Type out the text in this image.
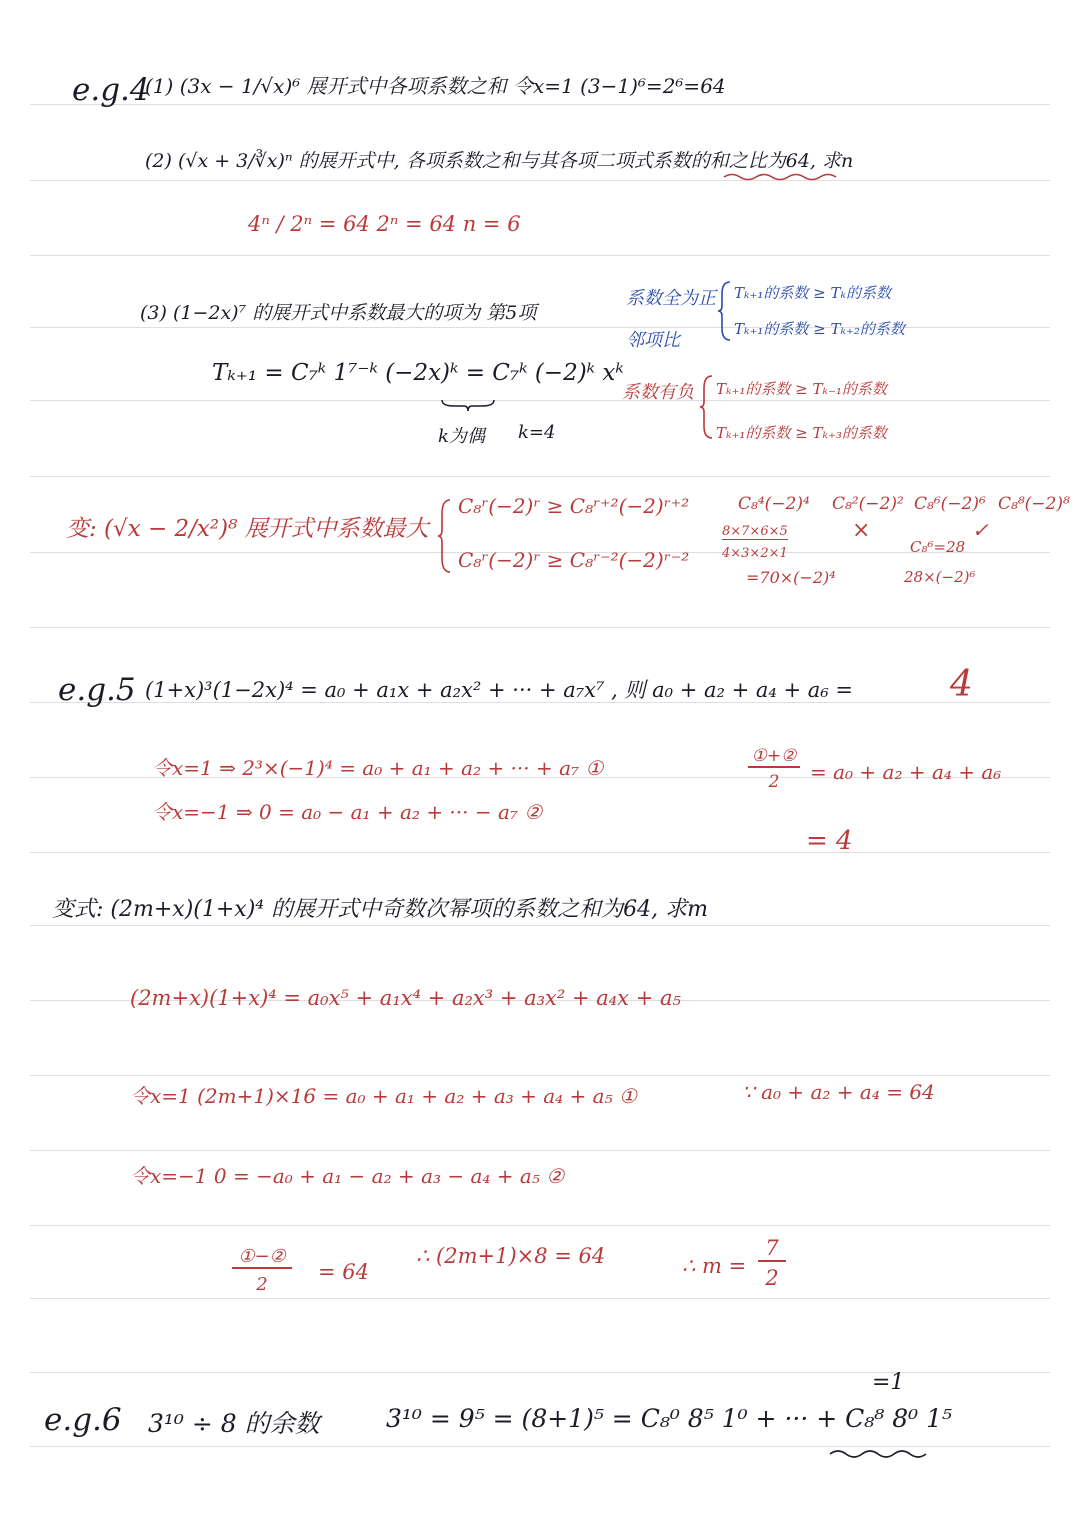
e.g.4
(1) (3x − 1/√x)⁶ 展开式中各项系数之和 令x=1 (3−1)⁶=2⁶=64
(2) (√x + 3/∛x)ⁿ 的展开式中, 各项系数之和与其各项二项式系数的和之比为64, 求n
4ⁿ / 2ⁿ = 64 2ⁿ = 64 n = 6
(3) (1−2x)⁷ 的展开式中系数最大的项为 第5项
Tₖ₊₁ = C₇ᵏ 1⁷⁻ᵏ (−2x)ᵏ = C₇ᵏ (−2)ᵏ xᵏ
k为偶 k=4
系数全为正
邻项比
Tₖ₊₁的系数 ≥ Tₖ的系数
Tₖ₊₁的系数 ≥ Tₖ₊₂的系数
系数有负 Tₖ₊₁的系数 ≥ Tₖ₋₁的系数
Tₖ₊₁的系数 ≥ Tₖ₊₃的系数
变: (√x − 2/x²)⁸ 展开式中系数最大
C₈ʳ(−2)ʳ ≥ C₈ʳ⁺²(−2)ʳ⁺²
C₈ʳ(−2)ʳ ≥ C₈ʳ⁻²(−2)ʳ⁻²
C₈⁴(−2)⁴
8×7×6×5
4×3×2×1
=70×(−2)⁴
C₈²(−2)²
×
C₈⁶(−2)⁶
✓
C₈⁶=28
28×(−2)⁶
C₈⁸(−2)⁸
e.g.5 (1+x)³(1−2x)⁴ = a₀ + a₁x + a₂x² + ··· + a₇x⁷ , 则 a₀ + a₂ + a₄ + a₆ =	4
令x=1 ⇒ 2³×(−1)⁴ = a₀ + a₁ + a₂ + ··· + a₇ ①
令x=−1 ⇒ 0 = a₀ − a₁ + a₂ + ··· − a₇ ②
①+②
2	= a₀ + a₂ + a₄ + a₆
= 4
变式: (2m+x)(1+x)⁴ 的展开式中奇数次幂项的系数之和为64, 求m
(2m+x)(1+x)⁴ = a₀x⁵ + a₁x⁴ + a₂x³ + a₃x² + a₄x + a₅
令x=1 (2m+1)×16 = a₀ + a₁ + a₂ + a₃ + a₄ + a₅ ①	∵ a₀ + a₂ + a₄ = 64
令x=−1 0 = −a₀ + a₁ − a₂ + a₃ − a₄ + a₅ ②
①−②
2
= 64
∴ (2m+1)×8 = 64	∴ m =
7
2
e.g.6 3¹⁰ ÷ 8 的余数	3¹⁰ = 9⁵ = (8+1)⁵ = C₈⁰ 8⁵ 1⁰ + ··· + C₈⁸ 8⁰ 1⁵
=1
